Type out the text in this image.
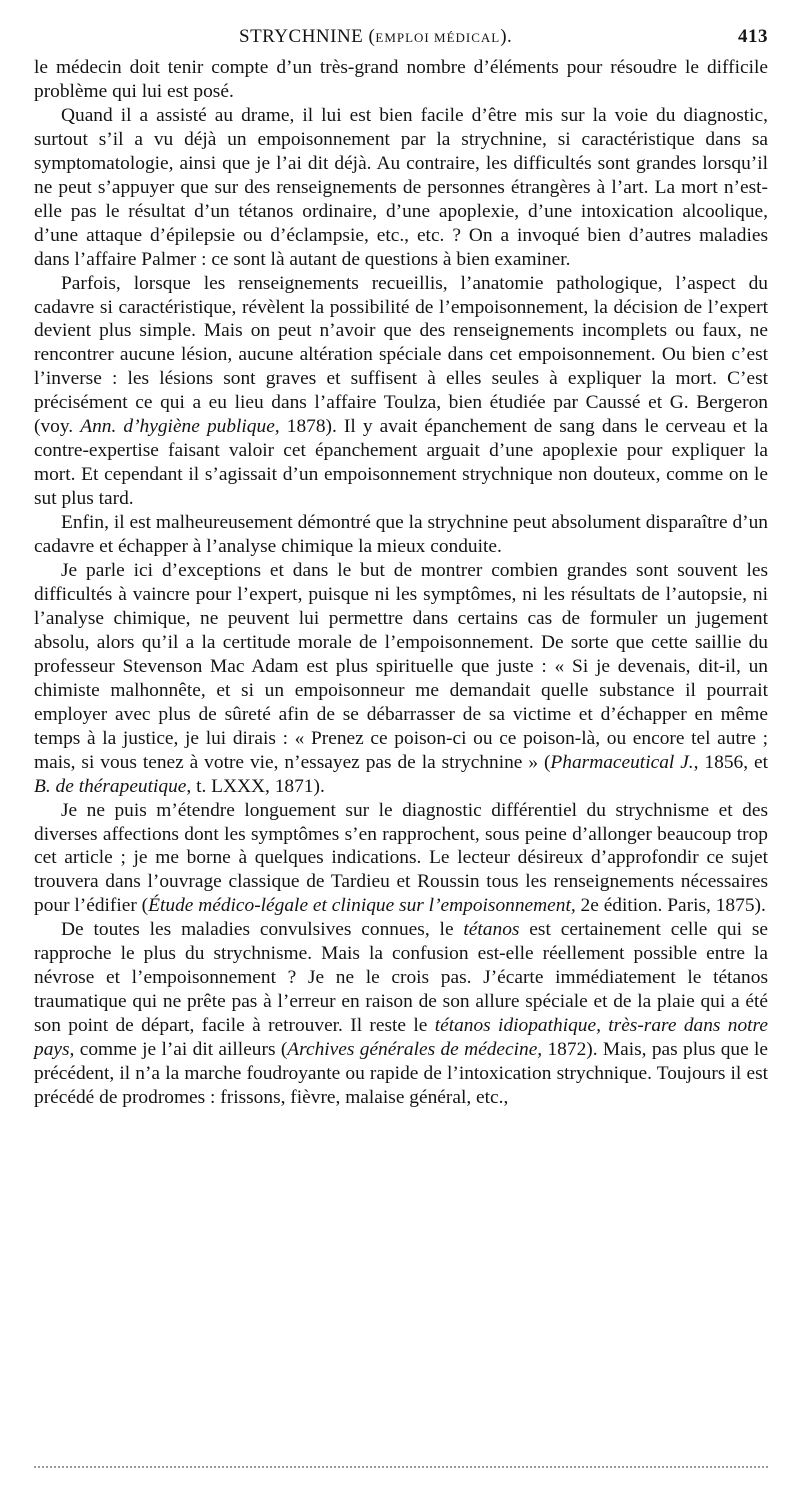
STRYCHNINE (EMPLOI MÉDICAL).	413

le médecin doit tenir compte d’un très-grand nombre d’éléments pour résoudre le difficile problème qui lui est posé.

Quand il a assisté au drame, il lui est bien facile d’être mis sur la voie du diagnostic, surtout s’il a vu déjà un empoisonnement par la strychnine, si caractéristique dans sa symptomatologie, ainsi que je l’ai dit déjà. Au contraire, les difficultés sont grandes lorsqu’il ne peut s’appuyer que sur des renseignements de personnes étrangères à l’art. La mort n’est-elle pas le résultat d’un tétanos ordinaire, d’une apoplexie, d’une intoxication alcoolique, d’une attaque d’épilepsie ou d’éclampsie, etc., etc. ? On a invoqué bien d’autres maladies dans l’affaire Palmer : ce sont là autant de questions à bien examiner.

Parfois, lorsque les renseignements recueillis, l’anatomie pathologique, l’aspect du cadavre si caractéristique, révèlent la possibilité de l’empoisonnement, la décision de l’expert devient plus simple. Mais on peut n’avoir que des renseignements incomplets ou faux, ne rencontrer aucune lésion, aucune altération spéciale dans cet empoisonnement. Ou bien c’est l’inverse : les lésions sont graves et suffisent à elles seules à expliquer la mort. C’est précisément ce qui a eu lieu dans l’affaire Toulza, bien étudiée par Caussé et G. Bergeron (voy. Ann. d’hygiène publique, 1878). Il y avait épanchement de sang dans le cerveau et la contre-expertise faisant valoir cet épanchement arguait d’une apoplexie pour expliquer la mort. Et cependant il s’agissait d’un empoisonnement strychnique non douteux, comme on le sut plus tard.

Enfin, il est malheureusement démontré que la strychnine peut absolument disparaître d’un cadavre et échapper à l’analyse chimique la mieux conduite.

Je parle ici d’exceptions et dans le but de montrer combien grandes sont souvent les difficultés à vaincre pour l’expert, puisque ni les symptômes, ni les résultats de l’autopsie, ni l’analyse chimique, ne peuvent lui permettre dans certains cas de formuler un jugement absolu, alors qu’il a la certitude morale de l’empoisonnement. De sorte que cette saillie du professeur Stevenson Mac Adam est plus spirituelle que juste : « Si je devenais, dit-il, un chimiste malhonnête, et si un empoisonneur me demandait quelle substance il pourrait employer avec plus de sûreté afin de se débarrasser de sa victime et d’échapper en même temps à la justice, je lui dirais : « Prenez ce poison-ci ou ce poison-là, ou encore tel autre ; mais, si vous tenez à votre vie, n’essayez pas de la strychnine » (Pharmaceutical J., 1856, et B. de thérapeutique, t. LXXX, 1871).

Je ne puis m’étendre longuement sur le diagnostic différentiel du strychnisme et des diverses affections dont les symptômes s’en rapprochent, sous peine d’allonger beaucoup trop cet article ; je me borne à quelques indications. Le lecteur désireux d’approfondir ce sujet trouvera dans l’ouvrage classique de Tardieu et Roussin tous les renseignements nécessaires pour l’édifier (Étude médico-légale et clinique sur l’empoisonnement, 2e édition. Paris, 1875).

De toutes les maladies convulsives connues, le tétanos est certainement celle qui se rapproche le plus du strychnisme. Mais la confusion est-elle réellement possible entre la névrose et l’empoisonnement ? Je ne le crois pas. J’écarte immédiatement le tétanos traumatique qui ne prête pas à l’erreur en raison de son allure spéciale et de la plaie qui a été son point de départ, facile à retrouver. Il reste le tétanos idiopathique, très-rare dans notre pays, comme je l’ai dit ailleurs (Archives générales de médecine, 1872). Mais, pas plus que le précédent, il n’a la marche foudroyante ou rapide de l’intoxication strychnique. Toujours il est précédé de prodromes : frissons, fièvre, malaise général, etc.,
